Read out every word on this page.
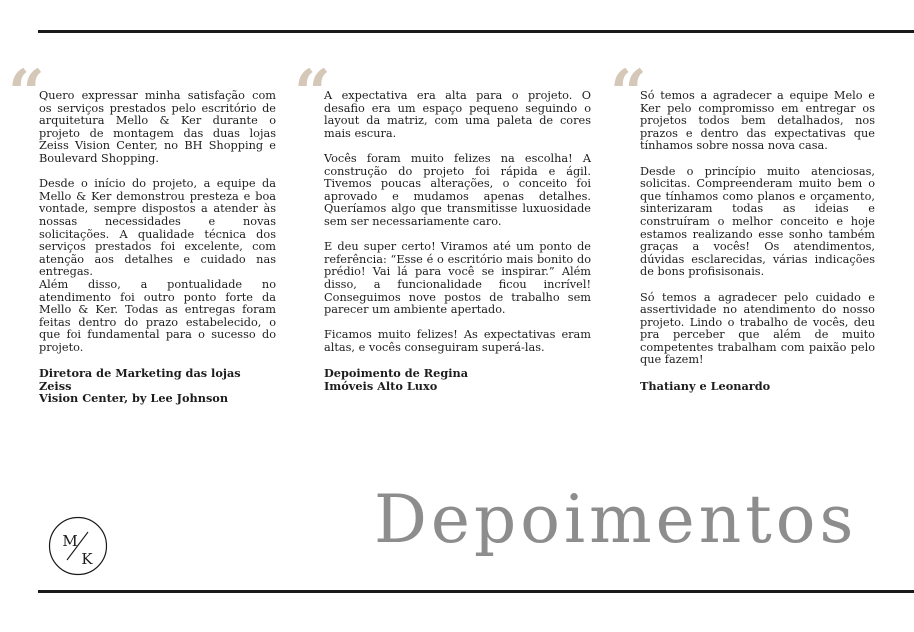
“

Quero expressar minha satisfação com os serviços prestados pelo escritório de arquitetura Mello & Ker durante o projeto de montagem das duas lojas Zeiss Vision Center, no BH Shopping e Boulevard Shopping.

Desde o início do projeto, a equipe da Mello & Ker demonstrou presteza e boa vontade, sempre dispostos a atender às nossas necessidades e novas solicitações. A qualidade técnica dos serviços prestados foi excelente, com atenção aos detalhes e cuidado nas entregas.

Além disso, a pontualidade no atendimento foi outro ponto forte da Mello & Ker. Todas as entregas foram feitas dentro do prazo estabelecido, o que foi fundamental para o sucesso do projeto.

Diretora de Marketing das lojas Zeiss
Vision Center, by Lee Johnson

“

A expectativa era alta para o projeto. O desafio era um espaço pequeno seguindo o layout da matriz, com uma paleta de cores mais escura.

Vocês foram muito felizes na escolha! A construção do projeto foi rápida e ágil. Tivemos poucas alterações, o conceito foi aprovado e mudamos apenas detalhes. Queríamos algo que transmitisse luxuosidade sem ser necessariamente caro.

E deu super certo! Viramos até um ponto de referência: “Esse é o escritório mais bonito do prédio! Vai lá para você se inspirar.” Além disso, a funcionalidade ficou incrível! Conseguimos nove postos de trabalho sem parecer um ambiente apertado.

Ficamos muito felizes! As expectativas eram altas, e vocês conseguiram superá-las.

Depoimento de Regina
Imóveis Alto Luxo

“

Só temos a agradecer a equipe Melo e Ker pelo compromisso em entregar os projetos todos bem detalhados, nos prazos e dentro das expectativas que tínhamos sobre nossa nova casa.

Desde o princípio muito atenciosas, solicitas. Compreenderam muito bem o que tínhamos como planos e orçamento, sinterizaram todas as ideias e construíram o melhor conceito e hoje estamos realizando esse sonho também graças a vocês! Os atendimentos, dúvidas esclarecidas, várias indicações de bons profisisonais.

Só temos a agradecer pelo cuidado e assertividade no atendimento do nosso projeto. Lindo o trabalho de vocês, deu pra perceber que além de muito competentes trabalham com paixão pelo que fazem!

Thatiany e Leonardo

M
K
Depoimentos
